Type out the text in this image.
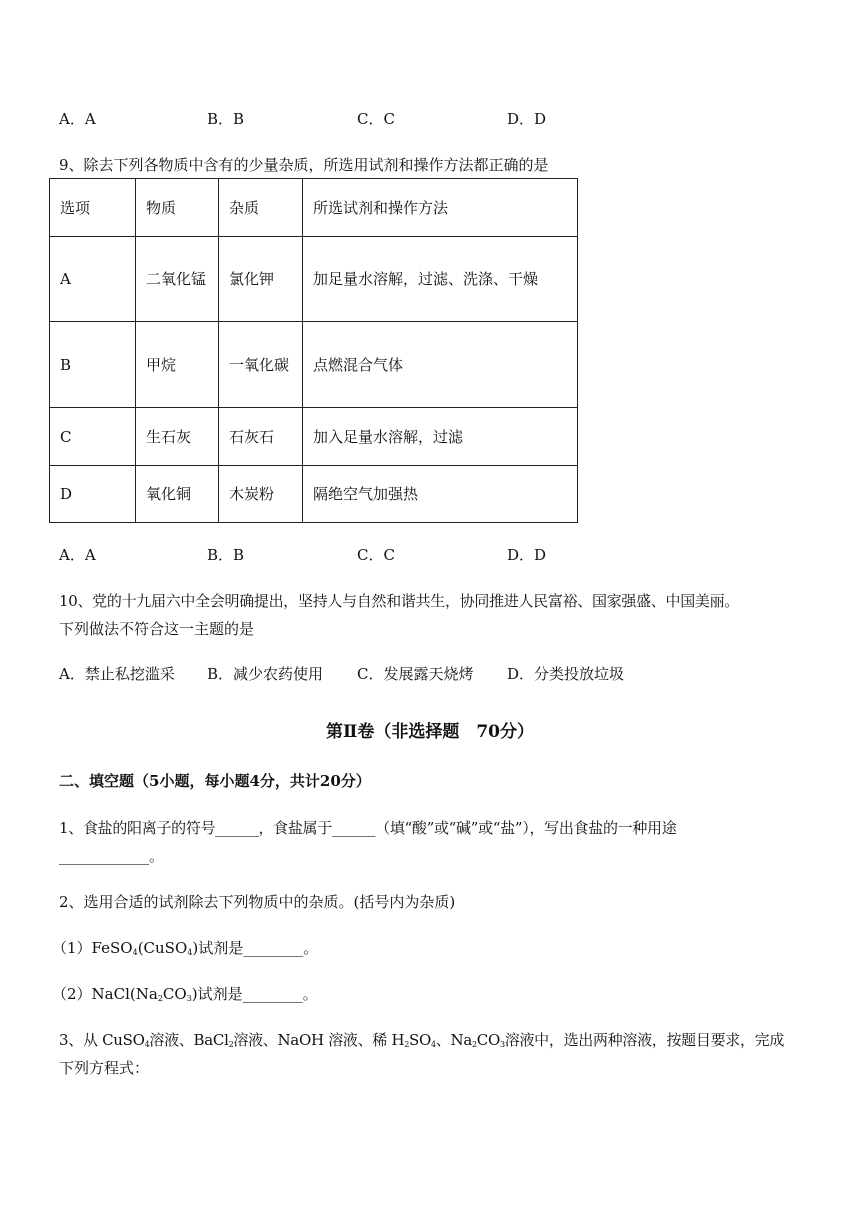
A．A	B．B	C．C	D．D
9、除去下列各物质中含有的少量杂质，所选用试剂和操作方法都正确的是
选项	物质	杂质	所选试剂和操作方法
A	二氧化锰	氯化钾	加足量水溶解，过滤、洗涤、干燥
B	甲烷	一氧化碳	点燃混合气体
C	生石灰	石灰石	加入足量水溶解，过滤
D	氧化铜	木炭粉	隔绝空气加强热
A．A	B．B	C．C	D．D
10、党的十九届六中全会明确提出，坚持人与自然和谐共生，协同推进人民富裕、国家强盛、中国美丽。
下列做法不符合这一主题的是
A．禁止私挖滥采 B．减少农药使用 C．发展露天烧烤 D．分类投放垃圾
第Ⅱ卷（非选择题　70分）
二、填空题（5小题，每小题4分，共计20分）
1、食盐的阳离子的符号______，食盐属于______（填“酸”或“碱”或“盐”），写出食盐的一种用途
____________。
2、选用合适的试剂除去下列物质中的杂质。(括号内为杂质)
（1）FeSO$_4$(CuSO$_4$)试剂是________。
$(2)NaCl(Na_2CO_3)$试剂是________。
3、从 CuSO$_4$溶液、BaCl$_2$溶液、NaOH 溶液、稀 $H_2SO_4$、$Na_2CO_3$溶液中，选出两种溶液，按题目要求，完成
下列方程式：
